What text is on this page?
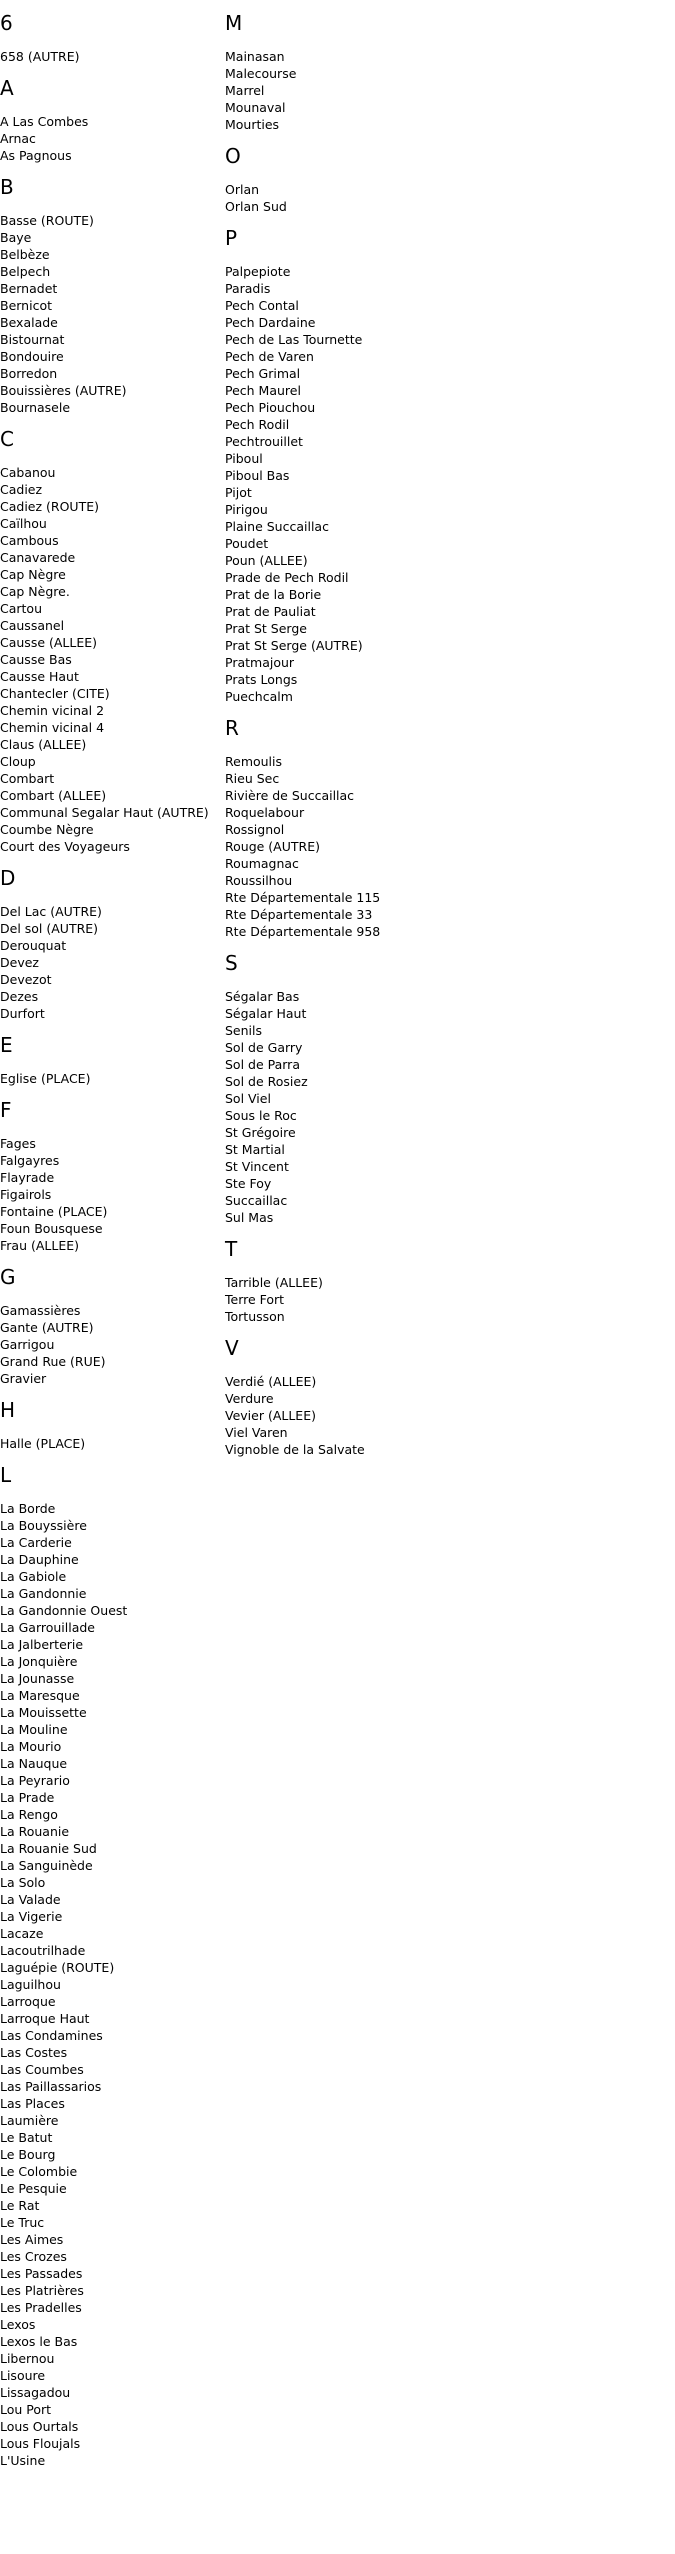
6
658 (AUTRE)
A
A Las Combes
Arnac
As Pagnous
B
Basse (ROUTE)
Baye
Belbèze
Belpech
Bernadet
Bernicot
Bexalade
Bistournat
Bondouire
Borredon
Bouissières (AUTRE)
Bournasele
C
Cabanou
Cadiez
Cadiez (ROUTE)
Caïlhou
Cambous
Canavarede
Cap Nègre
Cap Nègre.
Cartou
Caussanel
Causse (ALLEE)
Causse Bas
Causse Haut
Chantecler (CITE)
Chemin vicinal 2
Chemin vicinal 4
Claus (ALLEE)
Cloup
Combart
Combart (ALLEE)
Communal Segalar Haut (AUTRE)
Coumbe Nègre
Court des Voyageurs
D
Del Lac (AUTRE)
Del sol (AUTRE)
Derouquat
Devez
Devezot
Dezes
Durfort
E
Eglise (PLACE)
F
Fages
Falgayres
Flayrade
Figairols
Fontaine (PLACE)
Foun Bousquese
Frau (ALLEE)
G
Gamassières
Gante (AUTRE)
Garrigou
Grand Rue (RUE)
Gravier
H
Halle (PLACE)
L
La Borde
La Bouyssière
La Carderie
La Dauphine
La Gabiole
La Gandonnie
La Gandonnie Ouest
La Garrouillade
La Jalberterie
La Jonquière
La Jounasse
La Maresque
La Mouissette
La Mouline
La Mourio
La Nauque
La Peyrario
La Prade
La Rengo
La Rouanie
La Rouanie Sud
La Sanguinède
La Solo
La Valade
La Vigerie
Lacaze
Lacoutrilhade
Laguépie (ROUTE)
Laguilhou
Larroque
Larroque Haut
Las Condamines
Las Costes
Las Coumbes
Las Paillassarios
Las Places
Laumière
Le Batut
Le Bourg
Le Colombie
Le Pesquie
Le Rat
Le Truc
Les Aimes
Les Crozes
Les Passades
Les Platrières
Les Pradelles
Lexos
Lexos le Bas
Libernou
Lisoure
Lissagadou
Lou Port
Lous Ourtals
Lous Floujals
L'Usine
M
Mainasan
Malecourse
Marrel
Mounaval
Mourties
O
Orlan
Orlan Sud
P
Palpepiote
Paradis
Pech Contal
Pech Dardaine
Pech de Las Tournette
Pech de Varen
Pech Grimal
Pech Maurel
Pech Piouchou
Pech Rodil
Pechtrouillet
Piboul
Piboul Bas
Pijot
Pirigou
Plaine Succaillac
Poudet
Poun (ALLEE)
Prade de Pech Rodil
Prat de la Borie
Prat de Pauliat
Prat St Serge
Prat St Serge (AUTRE)
Pratmajour
Prats Longs
Puechcalm
R
Remoulis
Rieu Sec
Rivière de Succaillac
Roquelabour
Rossignol
Rouge (AUTRE)
Roumagnac
Roussilhou
Rte Départementale 115
Rte Départementale 33
Rte Départementale 958
S
Ségalar Bas
Ségalar Haut
Senils
Sol de Garry
Sol de Parra
Sol de Rosiez
Sol Viel
Sous le Roc
St Grégoire
St Martial
St Vincent
Ste Foy
Succaillac
Sul Mas
T
Tarrible (ALLEE)
Terre Fort
Tortusson
V
Verdié (ALLEE)
Verdure
Vevier (ALLEE)
Viel Varen
Vignoble de la Salvate
